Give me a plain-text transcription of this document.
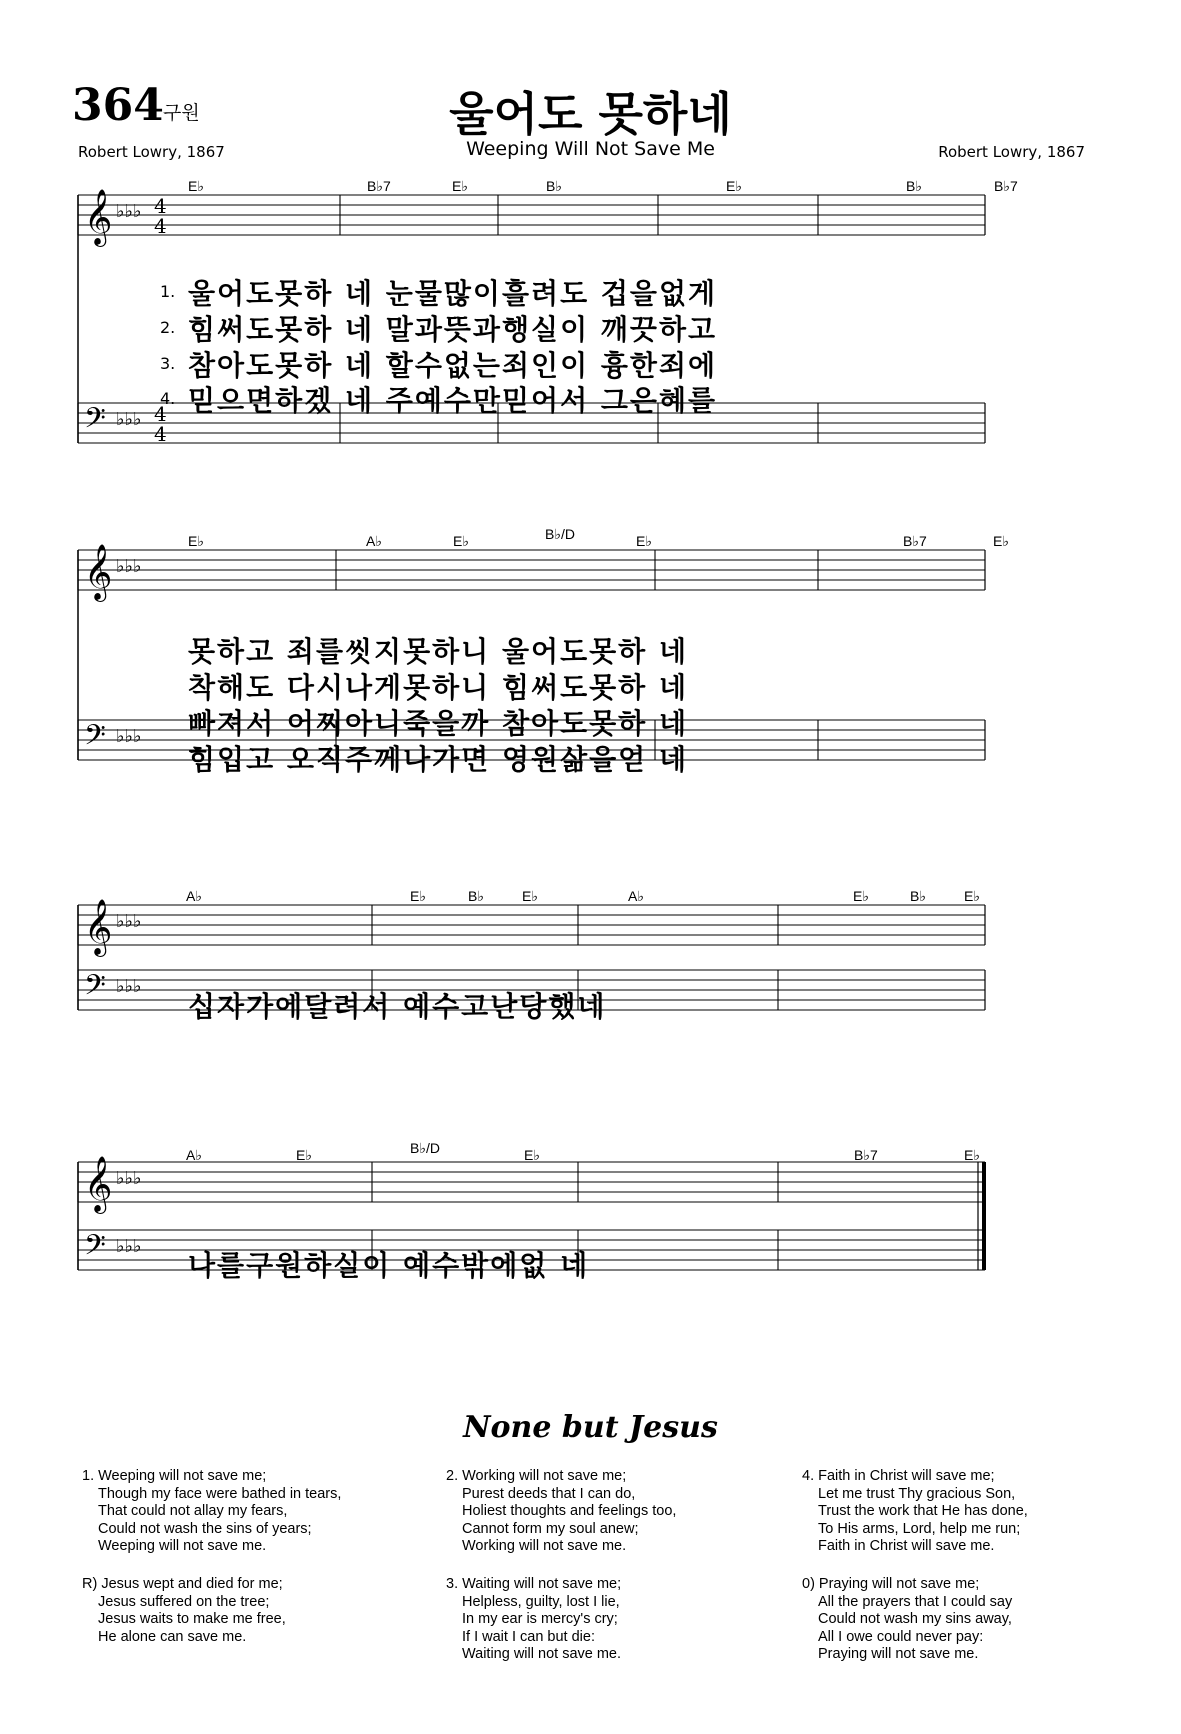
364 구원	울어도 못하네
Weeping Will Not Save Me
Robert Lowry, 1867	Robert Lowry, 1867
𝄞
𝄢
♭♭♭
♭♭♭
4
4
4
4
𝄞
𝄢
♭♭♭
♭♭♭
𝄞
𝄢
♭♭♭
♭♭♭
𝄞
𝄢
♭♭♭
♭♭♭
E♭	B♭7	E♭	B♭	E♭	B♭	B♭7
1.
2.
3.
4.
울어도못하 네 눈물많이흘려도 겁을없게
힘써도못하 네 말과뜻과행실이 깨끗하고
참아도못하 네 할수없는죄인이 흉한죄에
믿으면하겠 네 주예수만믿어서 그은혜를
E♭	A♭	E♭	B♭/D	E♭	B♭7	E♭
못하고 죄를씻지못하니 울어도못하 네
착해도 다시나게못하니 힘써도못하 네
빠져서 어찌아니죽을까 참아도못하 네
힘입고 오직주께나가면 영원삶을얻 네
A♭	E♭	B♭	E♭	A♭	E♭	B♭	E♭
십자가에달려서 예수고난당했네
A♭	E♭	B♭/D	E♭	B♭7	E♭
나를구원하실이 예수밖에없 네
None but Jesus
1. Weeping will not save me;
Though my face were bathed in tears,
That could not allay my fears,
Could not wash the sins of years;
Weeping will not save me.
R) Jesus wept and died for me;
Jesus suffered on the tree;
Jesus waits to make me free,
He alone can save me.
2. Working will not save me;
Purest deeds that I can do,
Holiest thoughts and feelings too,
Cannot form my soul anew;
Working will not save me.
3. Waiting will not save me;
Helpless, guilty, lost I lie,
In my ear is mercy's cry;
If I wait I can but die:
Waiting will not save me.
4. Faith in Christ will save me;
Let me trust Thy gracious Son,
Trust the work that He has done,
To His arms, Lord, help me run;
Faith in Christ will save me.
0) Praying will not save me;
All the prayers that I could say
Could not wash my sins away,
All I owe could never pay:
Praying will not save me.
